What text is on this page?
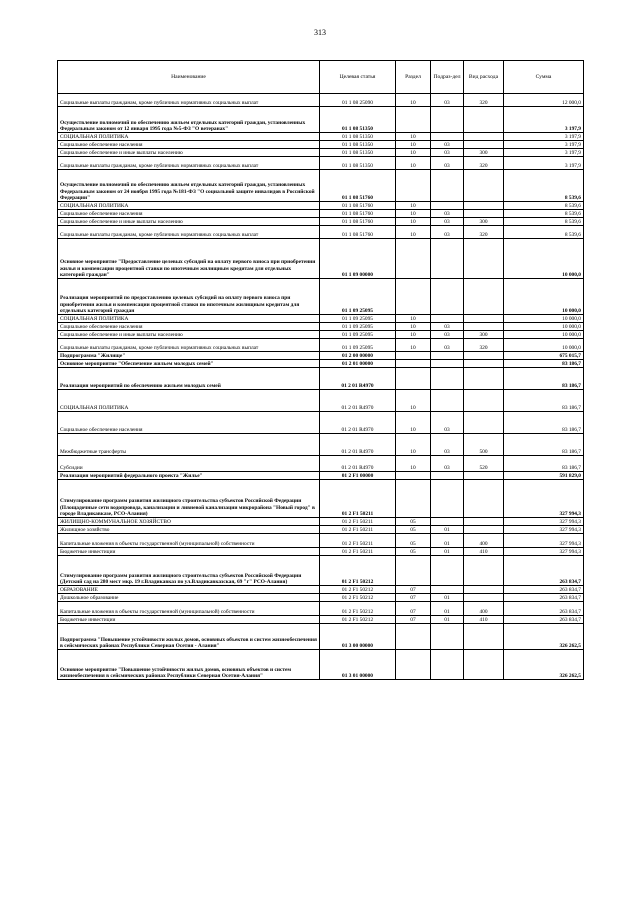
313
Наименование	Целевая статья	Раздел	Подраз-дел	Вид расхода	Сумма
Социальные выплаты гражданам, кроме публичных нормативных социальных выплат	01 1 08 25090	10	03	320	12 000,0
Осуществление полномочий по обеспечению жильем отдельных категорий граждан, установленных Федеральным законом от 12 января 1995 года №5-ФЗ "О ветеранах"	01 1 08 51350				3 197,9
СОЦИАЛЬНАЯ ПОЛИТИКА	01 1 08 51350	10			3 197,9
Социальное обеспечение населения	01 1 08 51350	10	03		3 197,9
Социальное обеспечение и иные выплаты населению	01 1 08 51350	10	03	300	3 197,9
Социальные выплаты гражданам, кроме публичных нормативных социальных выплат	01 1 08 51350	10	03	320	3 197,9
Осуществление полномочий по обеспечению жильем отдельных категорий граждан, установленных Федеральным законом от 24 ноября 1995 года №181-ФЗ "О социальной защите инвалидов в Российской Федерации"	01 1 08 51760				8 539,6
СОЦИАЛЬНАЯ ПОЛИТИКА	01 1 08 51760	10			8 539,6
Социальное обеспечение населения	01 1 08 51760	10	03		8 539,6
Социальное обеспечение и иные выплаты населению	01 1 08 51760	10	03	300	8 539,6
Социальные выплаты гражданам, кроме публичных нормативных социальных выплат	01 1 08 51760	10	03	320	8 539,6
Основное мероприятие "Предоставление целевых субсидий на оплату первого взноса при приобретении жилья и компенсации процентной ставки по ипотечным жилищным кредитам для отдельных категорий граждан"	01 1 09 00000				10 000,0
Реализация мероприятий по предоставлению целевых субсидий на оплату первого взноса при приобретении жилья и компенсации процентной ставки по ипотечным жилищным кредитам для отдельных категорий граждан	01 1 09 25095				10 000,0
СОЦИАЛЬНАЯ ПОЛИТИКА	01 1 09 25095	10			10 000,0
Социальное обеспечение населения	01 1 09 25095	10	03		10 000,0
Социальное обеспечение и иные выплаты населению	01 1 09 25095	10	03	300	10 000,0
Социальные выплаты гражданам, кроме публичных нормативных социальных выплат	01 1 09 25095	10	03	320	10 000,0
Подпрограмма "Жилище"	01 2 00 00000				675 015,7
Основное мероприятие "Обеспечение жильем молодых семей"	01 2 01 00000				83 186,7
Реализация мероприятий по обеспечению жильем молодых семей	01 2 01 R4970				83 186,7
СОЦИАЛЬНАЯ ПОЛИТИКА	01 2 01 R4970	10			83 186,7
Социальное обеспечение населения	01 2 01 R4970	10	03		83 186,7
Межбюджетные трансферты	01 2 01 R4970	10	03	500	83 186,7
Субсидии	01 2 01 R4970	10	03	520	83 186,7
Реализация мероприятий федерального проекта "Жилье"	01 2 F1 00000				591 829,0
Стимулирование программ развития жилищного строительства субъектов Российской Федерации (Площадочные сети водопровода, канализации и ливневой канализации микрорайона "Новый город" в городе Владикавказе, РСО-Алания)	01 2 F1 50211				327 994,3
ЖИЛИЩНО-КОММУНАЛЬНОЕ ХОЗЯЙСТВО	01 2 F1 50211	05			327 994,3
Жилищное хозяйство	01 2 F1 50211	05	01		327 994,3
Капитальные вложения в объекты государственной (муниципальной) собственности	01 2 F1 50211	05	01	400	327 994,3
Бюджетные инвестиции	01 2 F1 50211	05	01	410	327 994,3
Стимулирование программ развития жилищного строительства субъектов Российской Федерации (Детский сад на 280 мест мкр. 19 г.Владикавказ по ул.Владикавказская, 69 "г" РСО-Алания)	01 2 F1 50212				263 834,7
ОБРАЗОВАНИЕ	01 2 F1 50212	07			263 834,7
Дошкольное образование	01 2 F1 50212	07	01		263 834,7
Капитальные вложения в объекты государственной (муниципальной) собственности	01 2 F1 50212	07	01	400	263 834,7
Бюджетные инвестиции	01 2 F1 50212	07	01	410	263 834,7
Подпрограмма "Повышение устойчивости жилых домов, основных объектов и систем жизнеобеспечения в сейсмических районах Республики Северная Осетия - Алания"	01 3 00 00000				326 262,5
Основное мероприятие "Повышение устойчивости жилых домов, основных объектов и систем жизнеобеспечения в сейсмических районах Республики Северная Осетия-Алания"	01 3 01 00000				326 262,5
